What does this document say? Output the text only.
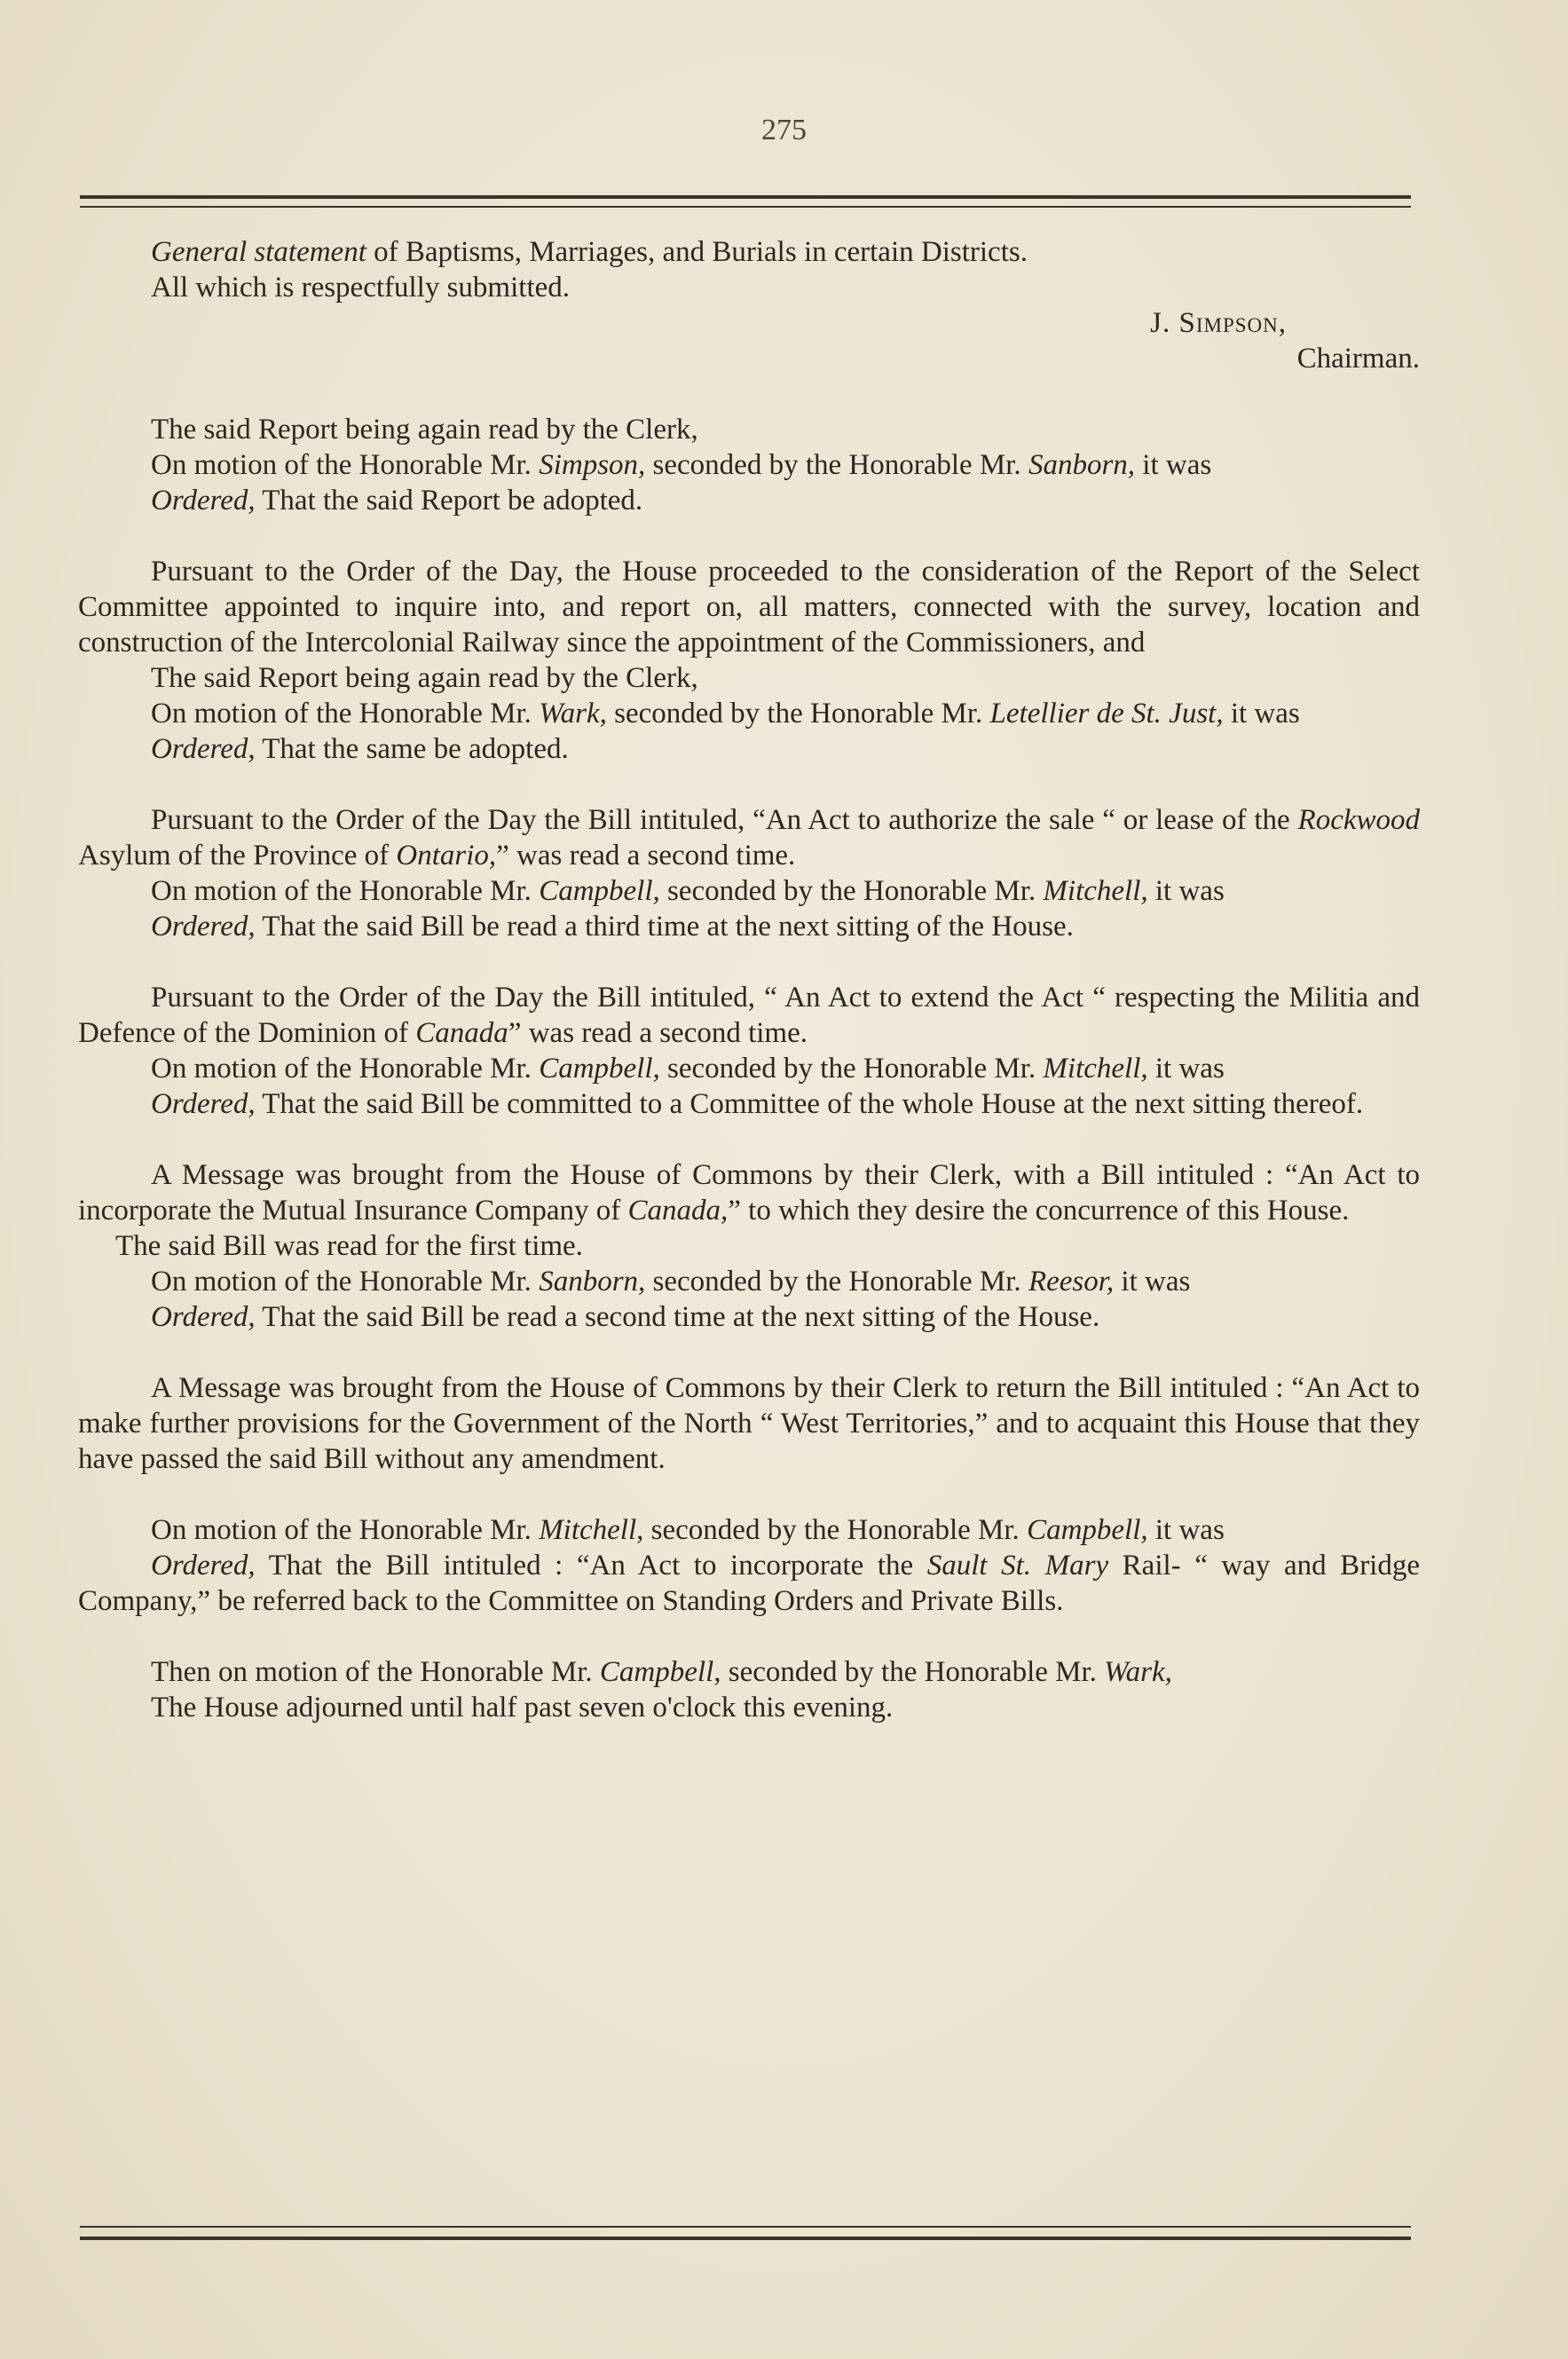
275

General statement of Baptisms, Marriages, and Burials in certain Districts.

All which is respectfully submitted.

J. Simpson,

Chairman.

The said Report being again read by the Clerk,

On motion of the Honorable Mr. Simpson, seconded by the Honorable Mr. Sanborn, it was

Ordered, That the said Report be adopted.

Pursuant to the Order of the Day, the House proceeded to the consideration of the Report of the Select Committee appointed to inquire into, and report on, all matters, connected with the survey, location and construction of the Intercolonial Railway since the appointment of the Commissioners, and

The said Report being again read by the Clerk,

On motion of the Honorable Mr. Wark, seconded by the Honorable Mr. Letellier de St. Just, it was

Ordered, That the same be adopted.

Pursuant to the Order of the Day the Bill intituled, “An Act to authorize the sale “ or lease of the Rockwood Asylum of the Province of Ontario,” was read a second time.

On motion of the Honorable Mr. Campbell, seconded by the Honorable Mr. Mitchell, it was

Ordered, That the said Bill be read a third time at the next sitting of the House.

Pursuant to the Order of the Day the Bill intituled, “ An Act to extend the Act “ respecting the Militia and Defence of the Dominion of Canada” was read a second time.

On motion of the Honorable Mr. Campbell, seconded by the Honorable Mr. Mitchell, it was

Ordered, That the said Bill be committed to a Committee of the whole House at the next sitting thereof.

A Message was brought from the House of Commons by their Clerk, with a Bill intituled : “An Act to incorporate the Mutual Insurance Company of Canada,” to which they desire the concurrence of this House.

The said Bill was read for the first time.

On motion of the Honorable Mr. Sanborn, seconded by the Honorable Mr. Reesor, it was

Ordered, That the said Bill be read a second time at the next sitting of the House.

A Message was brought from the House of Commons by their Clerk to return the Bill intituled : “An Act to make further provisions for the Government of the North “ West Territories,” and to acquaint this House that they have passed the said Bill without any amendment.

On motion of the Honorable Mr. Mitchell, seconded by the Honorable Mr. Campbell, it was

Ordered, That the Bill intituled : “An Act to incorporate the Sault St. Mary Rail- “ way and Bridge Company,” be referred back to the Committee on Standing Orders and Private Bills.

Then on motion of the Honorable Mr. Campbell, seconded by the Honorable Mr. Wark,

The House adjourned until half past seven o'clock this evening.
